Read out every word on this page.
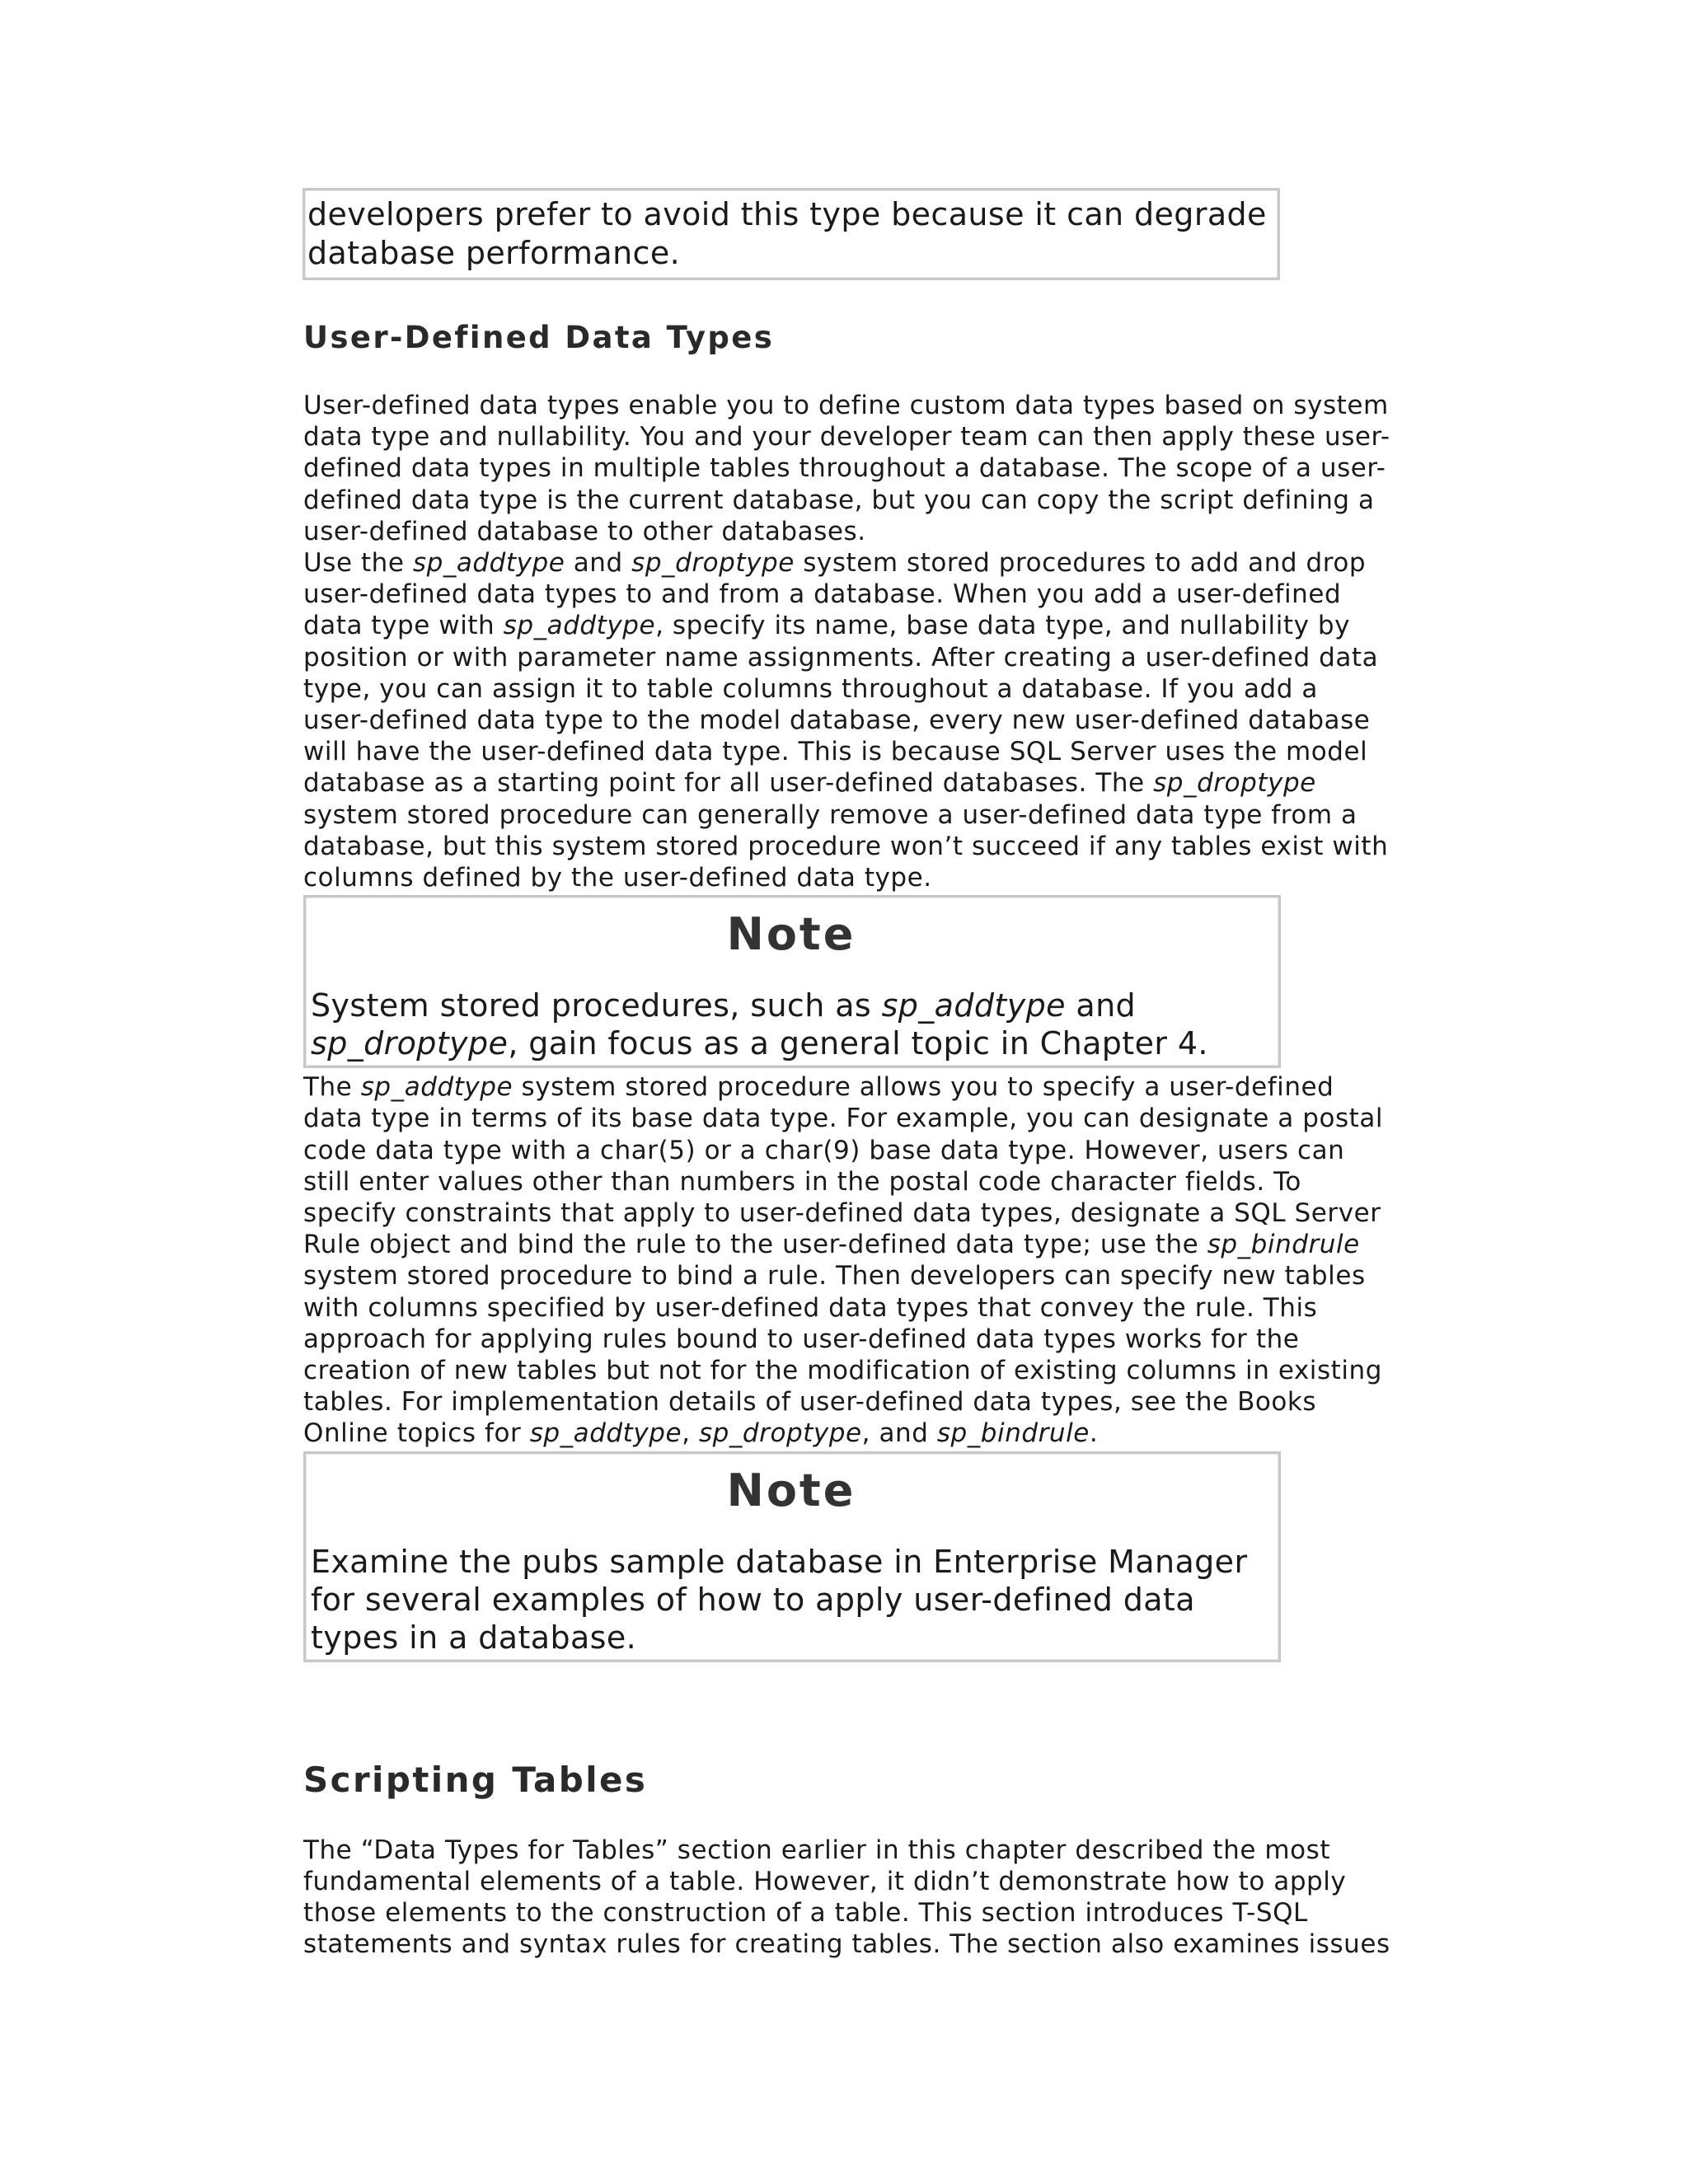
developers prefer to avoid this type because it can degrade database performance.
User-Defined Data Types

User-defined data types enable you to define custom data types based on system data type and nullability. You and your developer team can then apply these user-defined data types in multiple tables throughout a database. The scope of a user-defined data type is the current database, but you can copy the script defining a user-defined database to other databases.

Use the sp_addtype and sp_droptype system stored procedures to add and drop user-defined data types to and from a database. When you add a user-defined data type with sp_addtype, specify its name, base data type, and nullability by position or with parameter name assignments. After creating a user-defined data type, you can assign it to table columns throughout a database. If you add a user-defined data type to the model database, every new user-defined database will have the user-defined data type. This is because SQL Server uses the model database as a starting point for all user-defined databases. The sp_droptype system stored procedure can generally remove a user-defined data type from a database, but this system stored procedure won’t succeed if any tables exist with columns defined by the user-defined data type.

Note
System stored procedures, such as sp_addtype and sp_droptype, gain focus as a general topic in Chapter 4.

The sp_addtype system stored procedure allows you to specify a user-defined data type in terms of its base data type. For example, you can designate a postal code data type with a char(5) or a char(9) base data type. However, users can still enter values other than numbers in the postal code character fields. To specify constraints that apply to user-defined data types, designate a SQL Server Rule object and bind the rule to the user-defined data type; use the sp_bindrule system stored procedure to bind a rule. Then developers can specify new tables with columns specified by user-defined data types that convey the rule. This approach for applying rules bound to user-defined data types works for the creation of new tables but not for the modification of existing columns in existing tables. For implementation details of user-defined data types, see the Books Online topics for sp_addtype, sp_droptype, and sp_bindrule.

Note
Examine the pubs sample database in Enterprise Manager for several examples of how to apply user-defined data types in a database.
Scripting Tables

The “Data Types for Tables” section earlier in this chapter described the most fundamental elements of a table. However, it didn’t demonstrate how to apply those elements to the construction of a table. This section introduces T-SQL statements and syntax rules for creating tables. The section also examines issues
